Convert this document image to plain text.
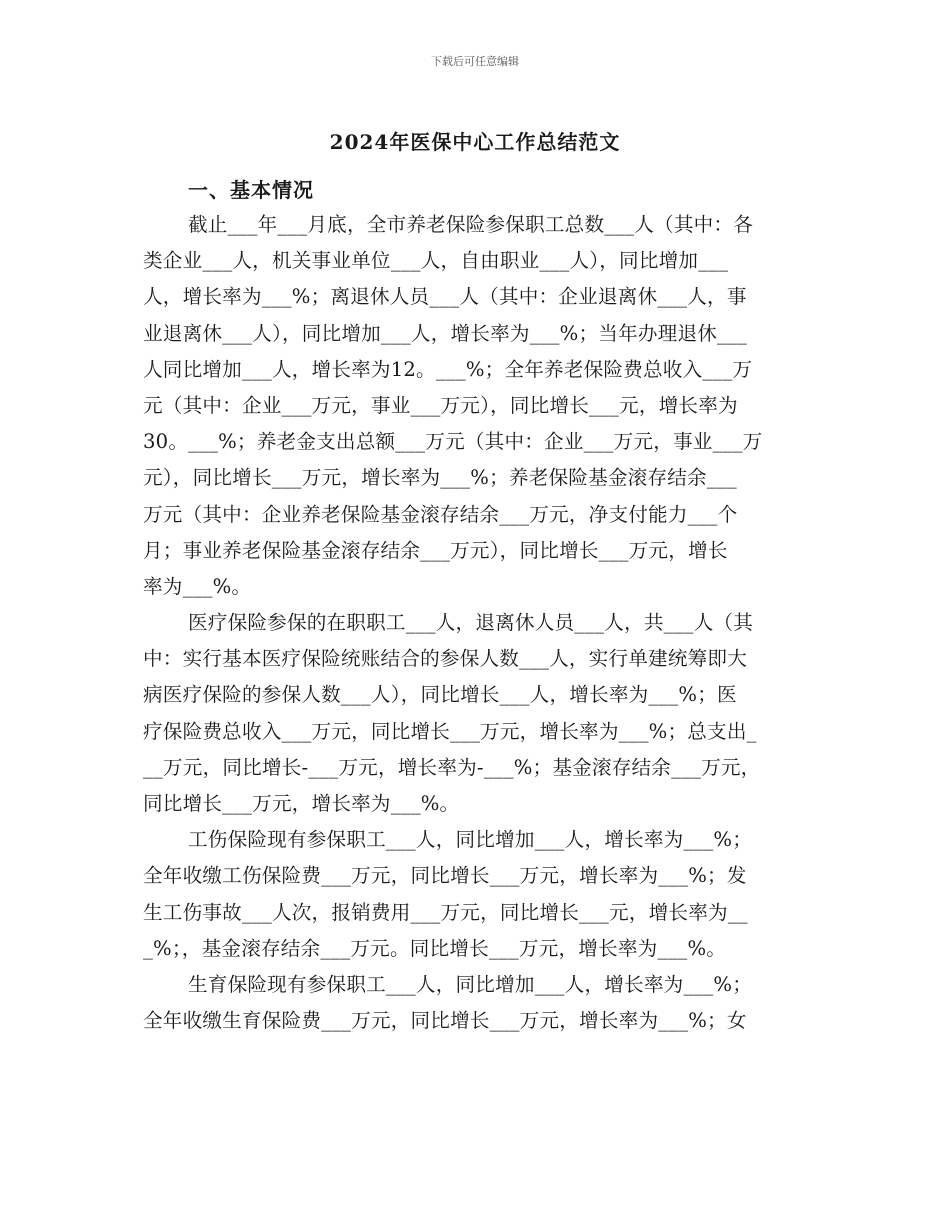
下载后可任意编辑
2024年医保中心工作总结范文
一、基本情况
截止___年___月底，全市养老保险参保职工总数___人（其中：各
类企业___人，机关事业单位___人，自由职业___人），同比增加___
人，增长率为___%；离退休人员___人（其中：企业退离休___人，事
业退离休___人），同比增加___人，增长率为___%；当年办理退休___
人同比增加___人，增长率为12。___%；全年养老保险费总收入___万
元（其中：企业___万元，事业___万元），同比增长___元，增长率为
30。___%；养老金支出总额___万元（其中：企业___万元，事业___万
元），同比增长___万元，增长率为___%；养老保险基金滚存结余___
万元（其中：企业养老保险基金滚存结余___万元，净支付能力___个
月；事业养老保险基金滚存结余___万元），同比增长___万元，增长
率为___%。
医疗保险参保的在职职工___人，退离休人员___人，共___人（其
中：实行基本医疗保险统账结合的参保人数___人，实行单建统筹即大
病医疗保险的参保人数___人），同比增长___人，增长率为___%；医
疗保险费总收入___万元，同比增长___万元，增长率为___%；总支出_
__万元，同比增长-___万元，增长率为-___%；基金滚存结余___万元，
同比增长___万元，增长率为___%。
工伤保险现有参保职工___人，同比增加___人，增长率为___%；
全年收缴工伤保险费___万元，同比增长___万元，增长率为___%；发
生工伤事故___人次，报销费用___万元，同比增长___元，增长率为__
_%；，基金滚存结余___万元。同比增长___万元，增长率为___%。
生育保险现有参保职工___人，同比增加___人，增长率为___%；
全年收缴生育保险费___万元，同比增长___万元，增长率为___%；女
